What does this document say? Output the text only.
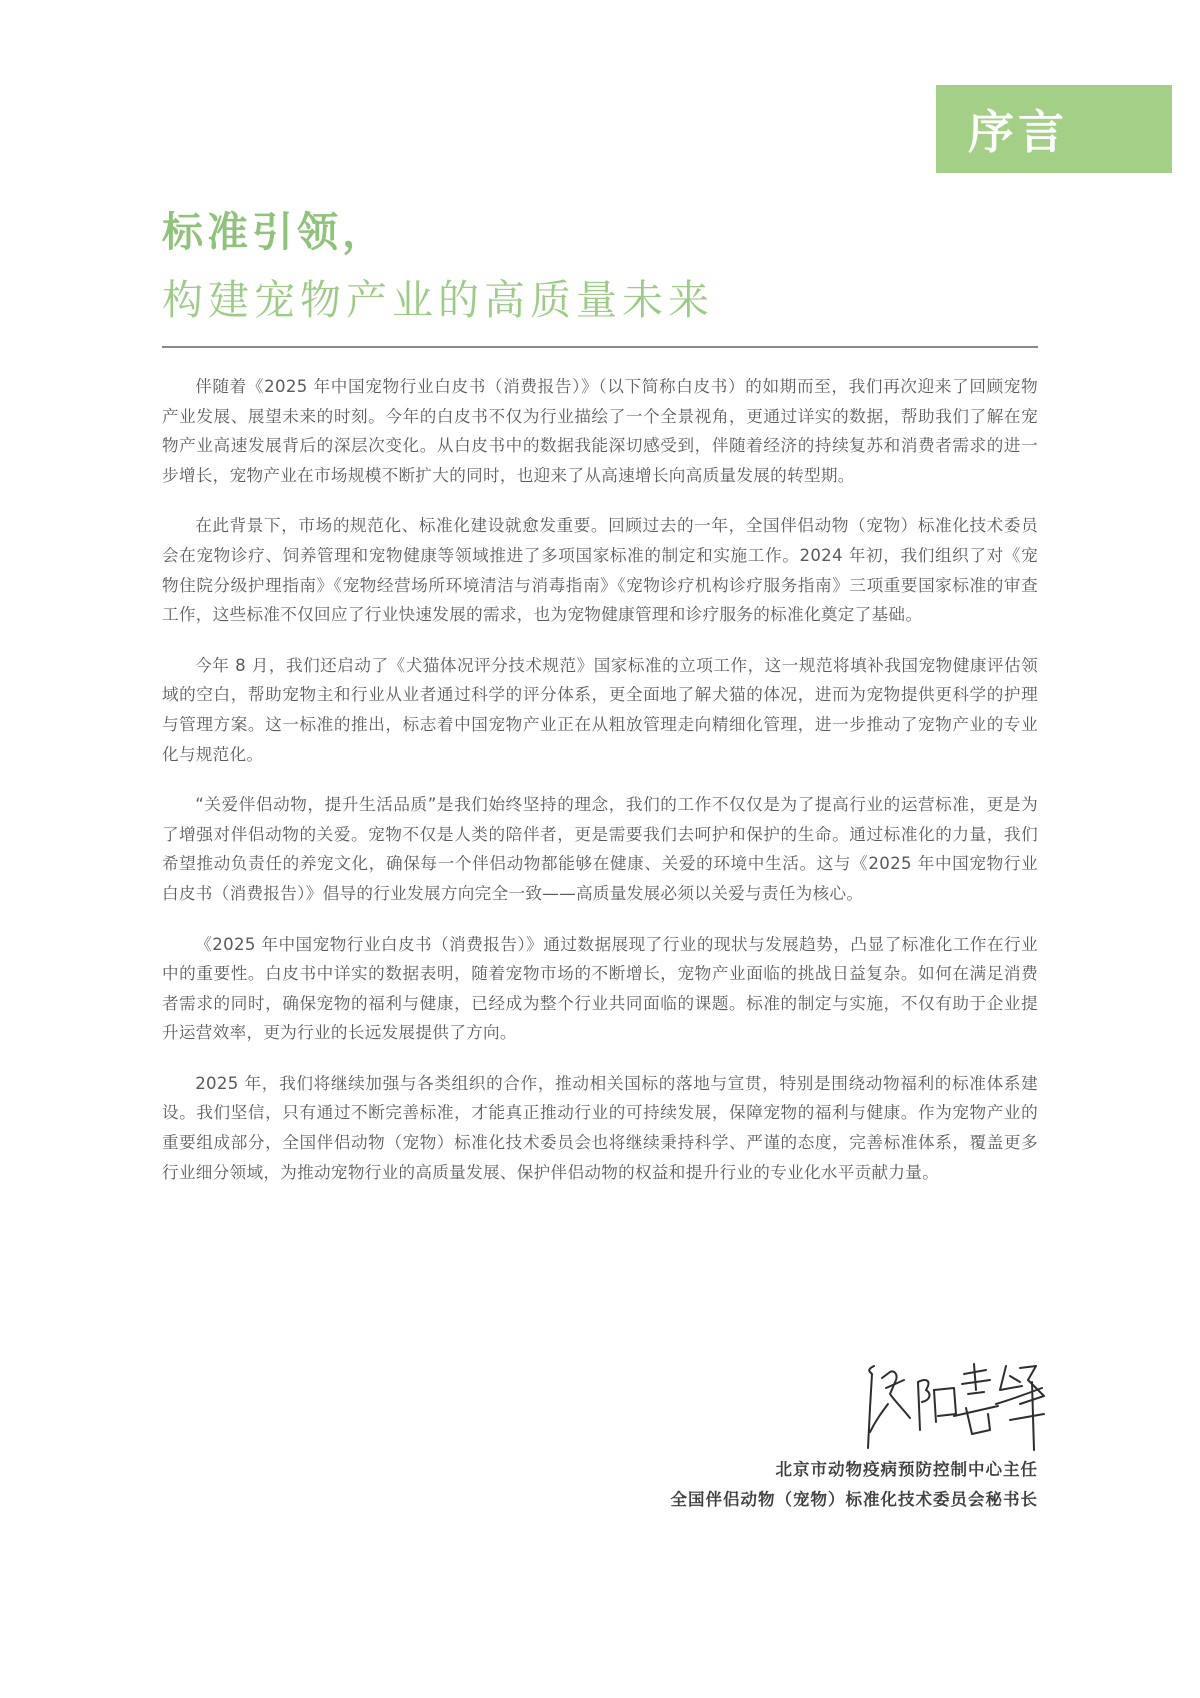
序言
标准引领，
构建宠物产业的高质量未来

伴随着《2025 年中国宠物行业白皮书（消费报告）》（以下简称白皮书）的如期而至，我们再次迎来了回顾宠物产业发展、展望未来的时刻。今年的白皮书不仅为行业描绘了一个全景视角，更通过详实的数据，帮助我们了解在宠物产业高速发展背后的深层次变化。从白皮书中的数据我能深切感受到，伴随着经济的持续复苏和消费者需求的进一步增长，宠物产业在市场规模不断扩大的同时，也迎来了从高速增长向高质量发展的转型期。

在此背景下，市场的规范化、标准化建设就愈发重要。回顾过去的一年，全国伴侣动物（宠物）标准化技术委员会在宠物诊疗、饲养管理和宠物健康等领域推进了多项国家标准的制定和实施工作。2024 年初，我们组织了对《宠物住院分级护理指南》《宠物经营场所环境清洁与消毒指南》《宠物诊疗机构诊疗服务指南》三项重要国家标准的审查工作，这些标准不仅回应了行业快速发展的需求，也为宠物健康管理和诊疗服务的标准化奠定了基础。

今年 8 月，我们还启动了《犬猫体况评分技术规范》国家标准的立项工作，这一规范将填补我国宠物健康评估领域的空白，帮助宠物主和行业从业者通过科学的评分体系，更全面地了解犬猫的体况，进而为宠物提供更科学的护理与管理方案。这一标准的推出，标志着中国宠物产业正在从粗放管理走向精细化管理，进一步推动了宠物产业的专业化与规范化。

“关爱伴侣动物，提升生活品质”是我们始终坚持的理念，我们的工作不仅仅是为了提高行业的运营标准，更是为了增强对伴侣动物的关爱。宠物不仅是人类的陪伴者，更是需要我们去呵护和保护的生命。通过标准化的力量，我们希望推动负责任的养宠文化，确保每一个伴侣动物都能够在健康、关爱的环境中生活。这与《2025 年中国宠物行业白皮书（消费报告）》倡导的行业发展方向完全一致——高质量发展必须以关爱与责任为核心。

《2025 年中国宠物行业白皮书（消费报告）》通过数据展现了行业的现状与发展趋势，凸显了标准化工作在行业中的重要性。白皮书中详实的数据表明，随着宠物市场的不断增长，宠物产业面临的挑战日益复杂。如何在满足消费者需求的同时，确保宠物的福利与健康，已经成为整个行业共同面临的课题。标准的制定与实施，不仅有助于企业提升运营效率，更为行业的长远发展提供了方向。

2025 年，我们将继续加强与各类组织的合作，推动相关国标的落地与宣贯，特别是围绕动物福利的标准体系建设。我们坚信，只有通过不断完善标准，才能真正推动行业的可持续发展，保障宠物的福利与健康。作为宠物产业的重要组成部分，全国伴侣动物（宠物）标准化技术委员会也将继续秉持科学、严谨的态度，完善标准体系，覆盖更多行业细分领域，为推动宠物行业的高质量发展、保护伴侣动物的权益和提升行业的专业化水平贡献力量。

北京市动物疫病预防控制中心主任
全国伴侣动物（宠物）标准化技术委员会秘书长
